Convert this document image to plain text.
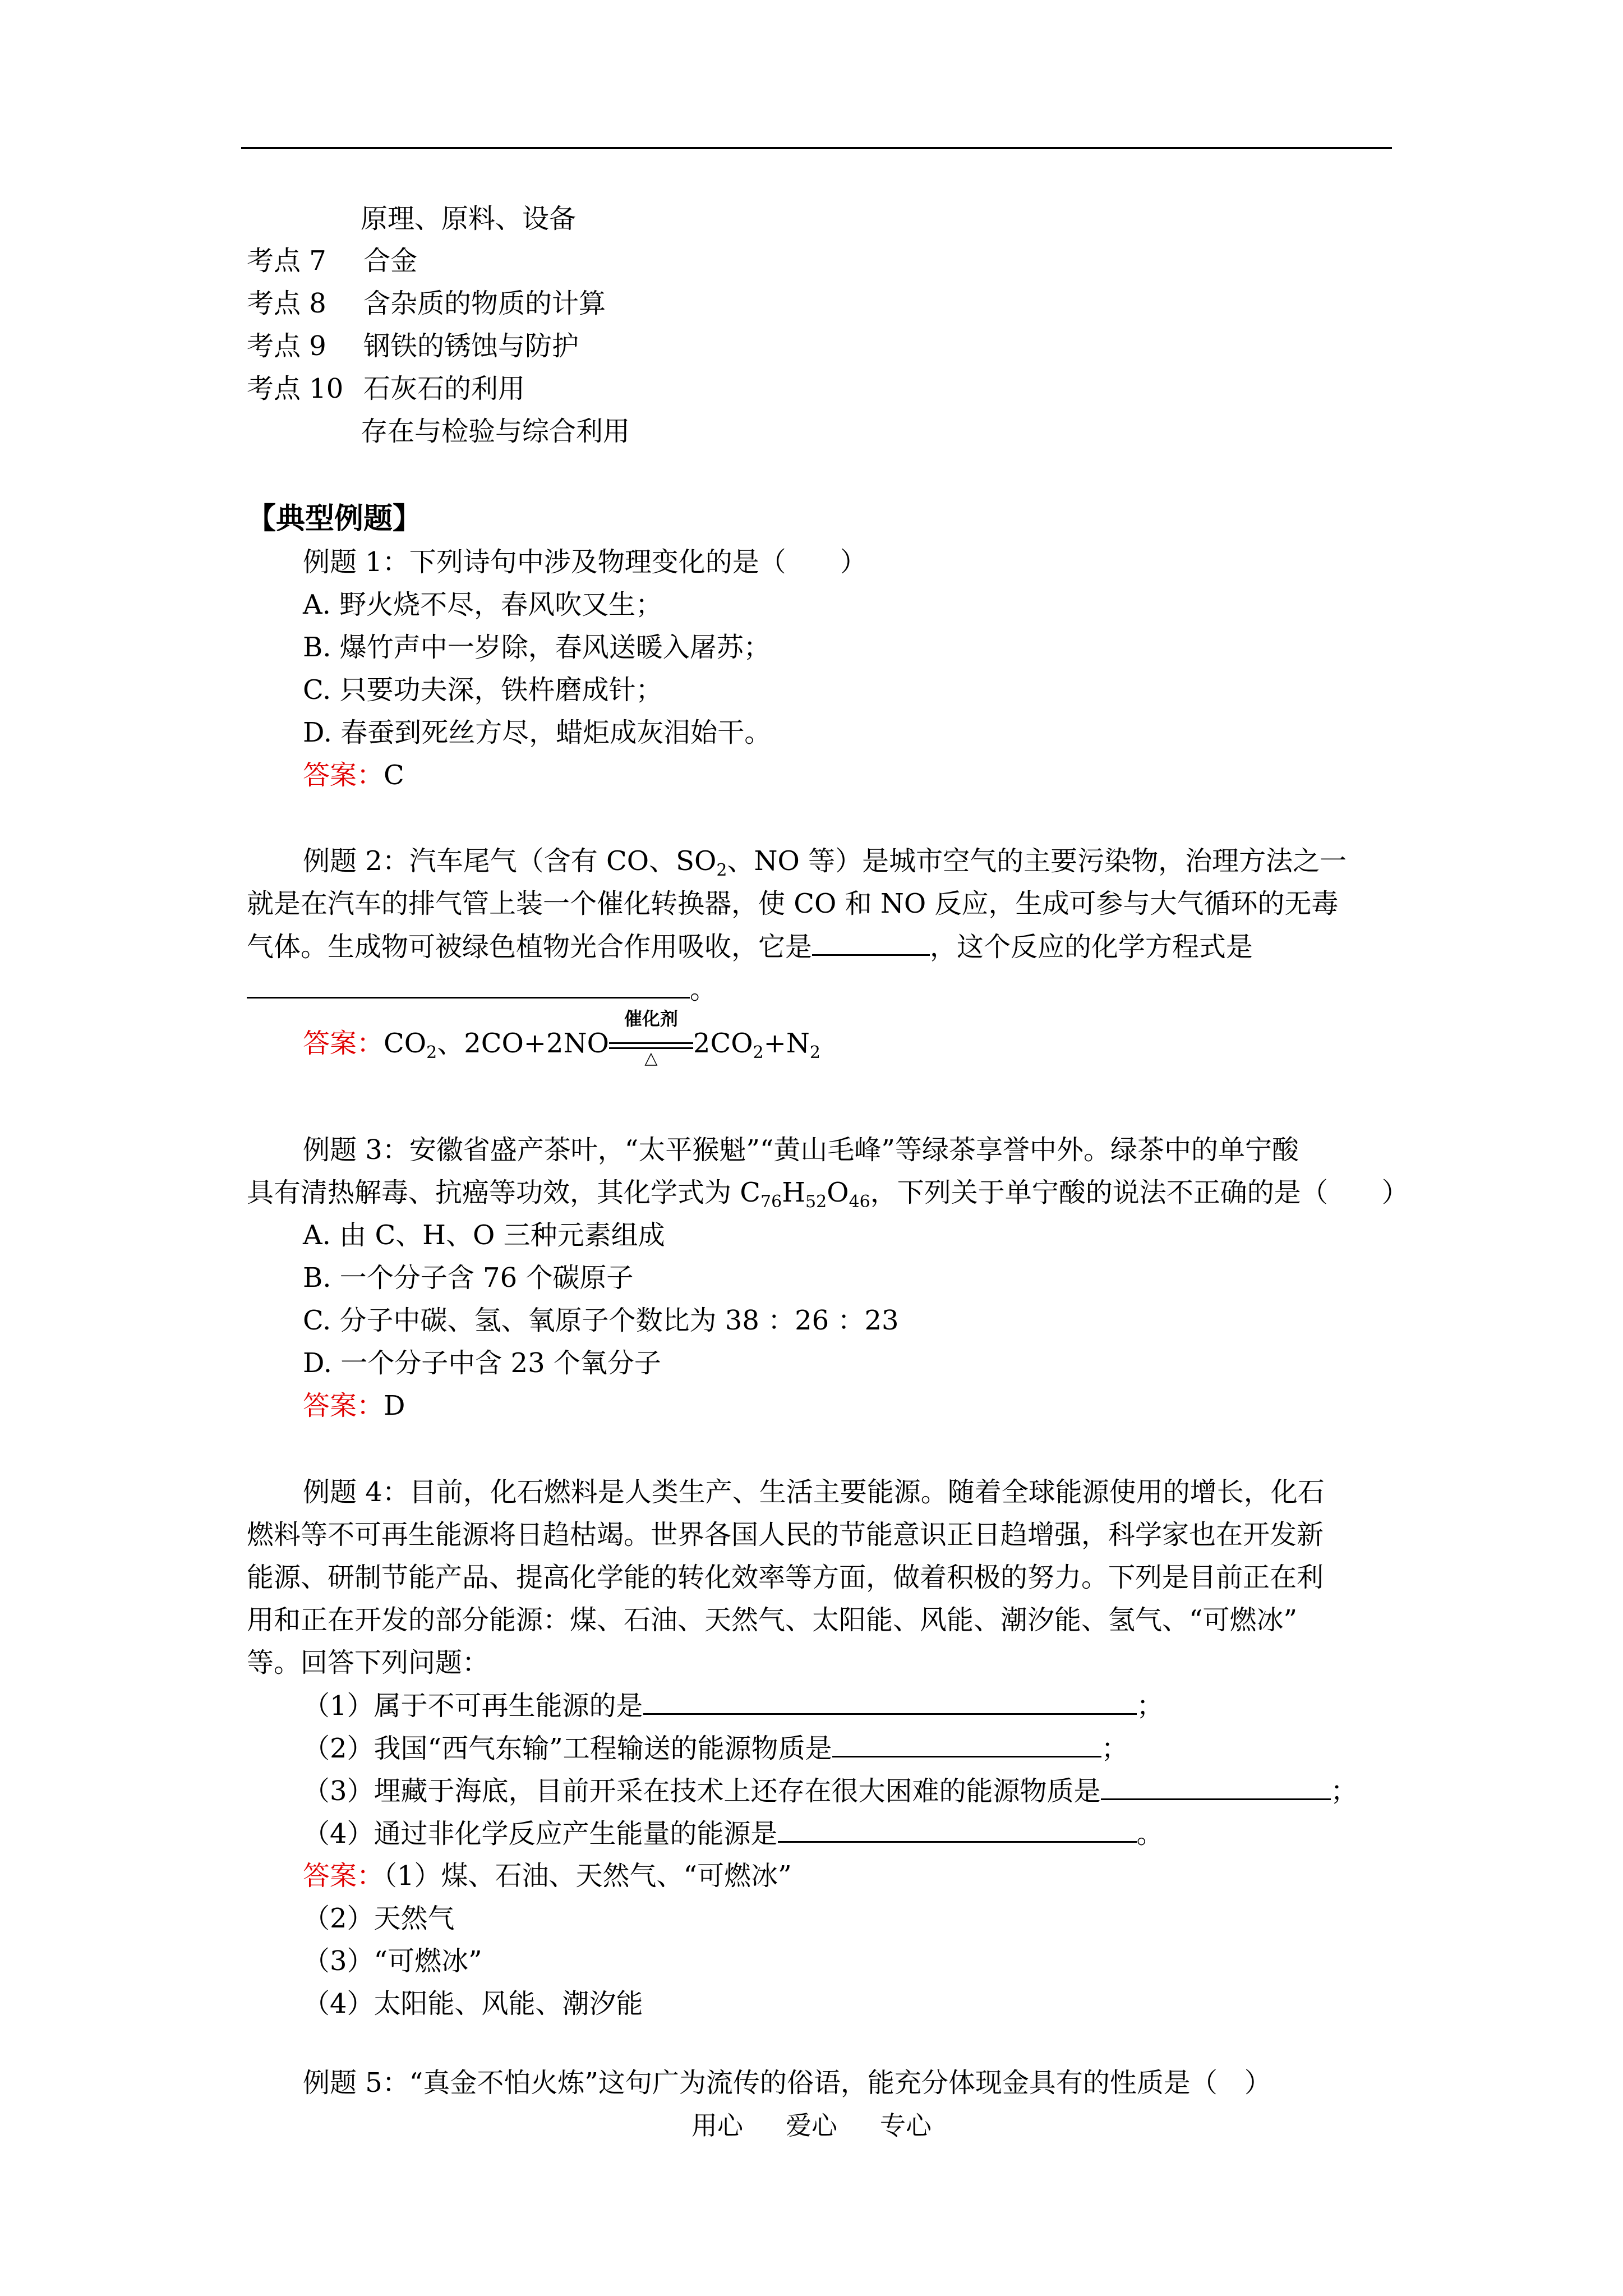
原理、原料、设备
考点 7 合金
考点 8 含杂质的物质的计算
考点 9 钢铁的锈蚀与防护
考点 10 石灰石的利用
存在与检验与综合利用
【典型例题】
例题 1：下列诗句中涉及物理变化的是（　　）
A. 野火烧不尽，春风吹又生；
B. 爆竹声中一岁除，春风送暖入屠苏；
C. 只要功夫深，铁杵磨成针；
D. 春蚕到死丝方尽，蜡炬成灰泪始干。
答案：C
例题 2：汽车尾气（含有 CO、$SO_2$、NO 等）是城市空气的主要污染物，治理方法之一
就是在汽车的排气管上装一个催化转换器，使 CO 和 NO 反应，生成可参与大气循环的无毒
气体。生成物可被绿色植物光合作用吸收，它是	，这个反应的化学方程式是
。
答案：$CO_2$、2CO+2NO
催化剂
△	$2CO_2+N_2$
例题 3：安徽省盛产茶叶，“太平猴魁”“黄山毛峰”等绿茶享誉中外。绿茶中的单宁酸
具有清热解毒、抗癌等功效，其化学式为 $C_{76}H_{52}O_{46}$，下列关于单宁酸的说法不正确的是（　　）
A. 由 C、H、O 三种元素组成
B. 一个分子含 76 个碳原子
C. 分子中碳、氢、氧原子个数比为 38 ：26 ：23
D. 一个分子中含 23 个氧分子
答案：D
例题 4：目前，化石燃料是人类生产、生活主要能源。随着全球能源使用的增长，化石
燃料等不可再生能源将日趋枯竭。世界各国人民的节能意识正日趋增强，科学家也在开发新
能源、研制节能产品、提高化学能的转化效率等方面，做着积极的努力。下列是目前正在利
用和正在开发的部分能源：煤、石油、天然气、太阳能、风能、潮汐能、氢气、“可燃冰”
等。回答下列问题：
（1）属于不可再生能源的是	；
（2）我国“西气东输”工程输送的能源物质是	；
（3）埋藏于海底，目前开采在技术上还存在很大困难的能源物质是	；
（4）通过非化学反应产生能量的能源是	。
答案：（1）煤、石油、天然气、“可燃冰”
（2）天然气
（3）“可燃冰”
（4）太阳能、风能、潮汐能
例题 5：“真金不怕火炼”这句广为流传的俗语，能充分体现金具有的性质是（　）
用心 爱心 专心
